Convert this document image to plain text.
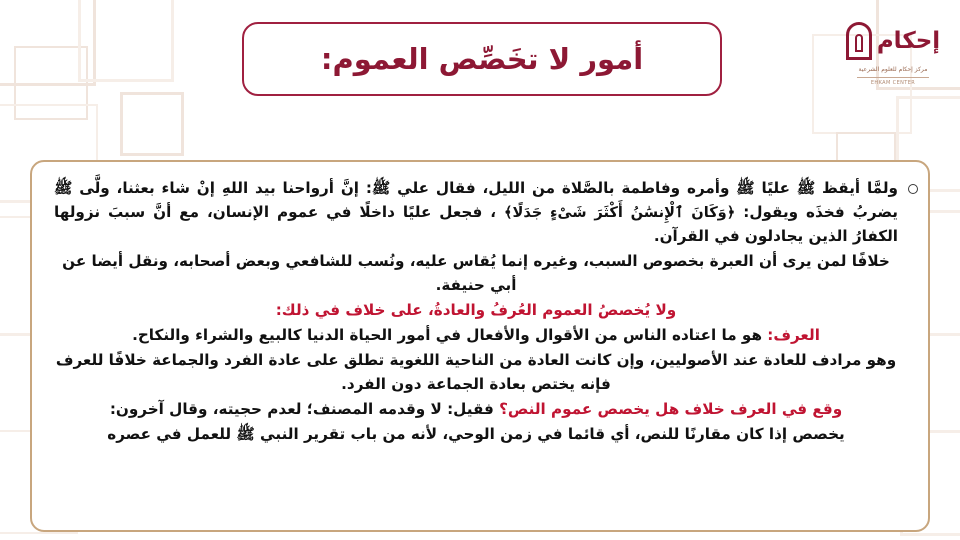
أمور لا تخَصِّص العموم:
إحكام
مركز إحكام للعلوم الشرعية
EHKAM CENTER

ولمَّا أيقظ ﷺ عليًا ﷺ وأمره وفاطمة بالصَّلاة من الليل، فقال علي ﷺ: إنَّ أرواحنا بيد اللهِ إنْ شاء بعثنا، ولَّى ﷺ يضربُ فخذَه ويقول: ﴿وَكَانَ ٱلْإِنسَٰنُ أَكْثَرَ شَىْءٍ جَدَلًا﴾ ، فجعل عليًا داخلًا في عموم الإنسان، مع أنَّ سببَ نزولها الكفارُ الذين يجادلون في القرآن.

خلافًا لمن يرى أن العبرة بخصوص السبب، وغيره إنما يُقاس عليه، ونُسب للشافعي وبعض أصحابه، ونقل أيضا عن أبي حنيفة.

ولا يُخصصُ العموم العُرفُ والعادةُ، على خلاف في ذلك:

العرف: هو ما اعتاده الناس من الأقوال والأفعال في أمور الحياة الدنيا كالبيع والشراء والنكاح.

وهو مرادف للعادة عند الأصوليين، وإن كانت العادة من الناحية اللغوية تطلق على عادة الفرد والجماعة خلافًا للعرف فإنه يختص بعادة الجماعة دون الفرد.

وقع في العرف خلاف هل يخصص عموم النص؟ فقيل: لا وقدمه المصنف؛ لعدم حجيته، وقال آخرون:

يخصص إذا كان مقارنًا للنص، أي قائما في زمن الوحي، لأنه من باب تقرير النبي ﷺ للعمل في عصره
